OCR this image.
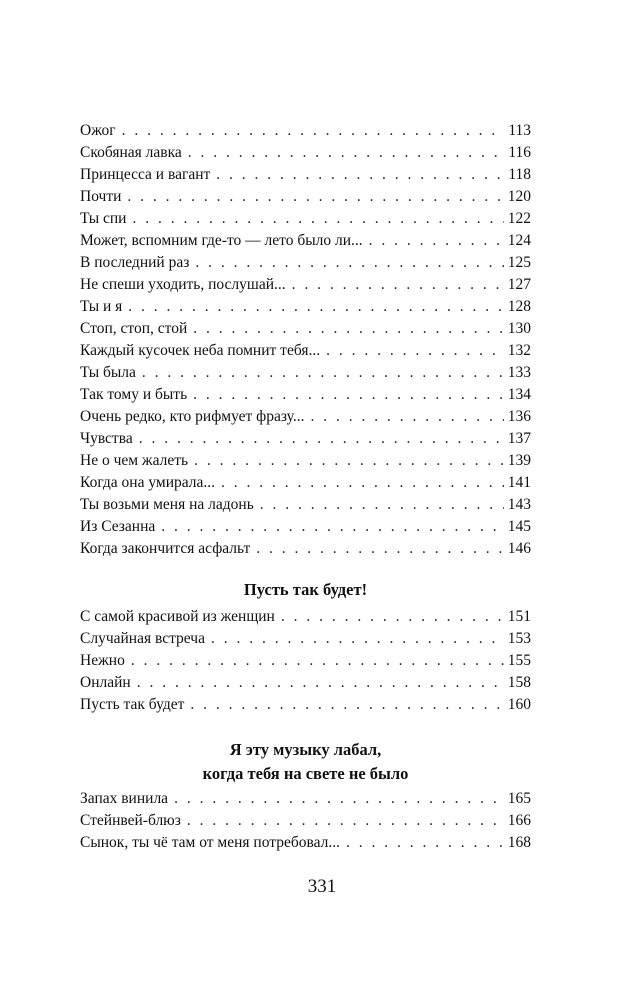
Ожог . . .	113
Скобяная лавка . . .	116
Принцесса и вагант . . .	118
Почти . . .	120
Ты спи . . .	122
Может, вспомним где-то — лето было ли... . . .	124
В последний раз . . .	125
Не спеши уходить, послушай... . . .	127
Ты и я . . .	128
Стоп, стоп, стой . . .	130
Каждый кусочек неба помнит тебя... . . .	132
Ты была . . .	133
Так тому и быть . . .	134
Очень редко, кто рифмует фразу... . . .	136
Чувства . . .	137
Не о чем жалеть . . .	139
Когда она умирала... . . .	141
Ты возьми меня на ладонь . . .	143
Из Сезанна . . .	145
Когда закончится асфальт . . .	146
Пусть так будет!
С самой красивой из женщин . . .	151
Случайная встреча . . .	153
Нежно . . .	155
Онлайн . . .	158
Пусть так будет . . .	160
Я эту музыку лабал,
когда тебя на свете не было
Запах винила . . .	165
Стейнвей-блюз . . .	166
Сынок, ты чё там от меня потребовал... . . .	168
331
